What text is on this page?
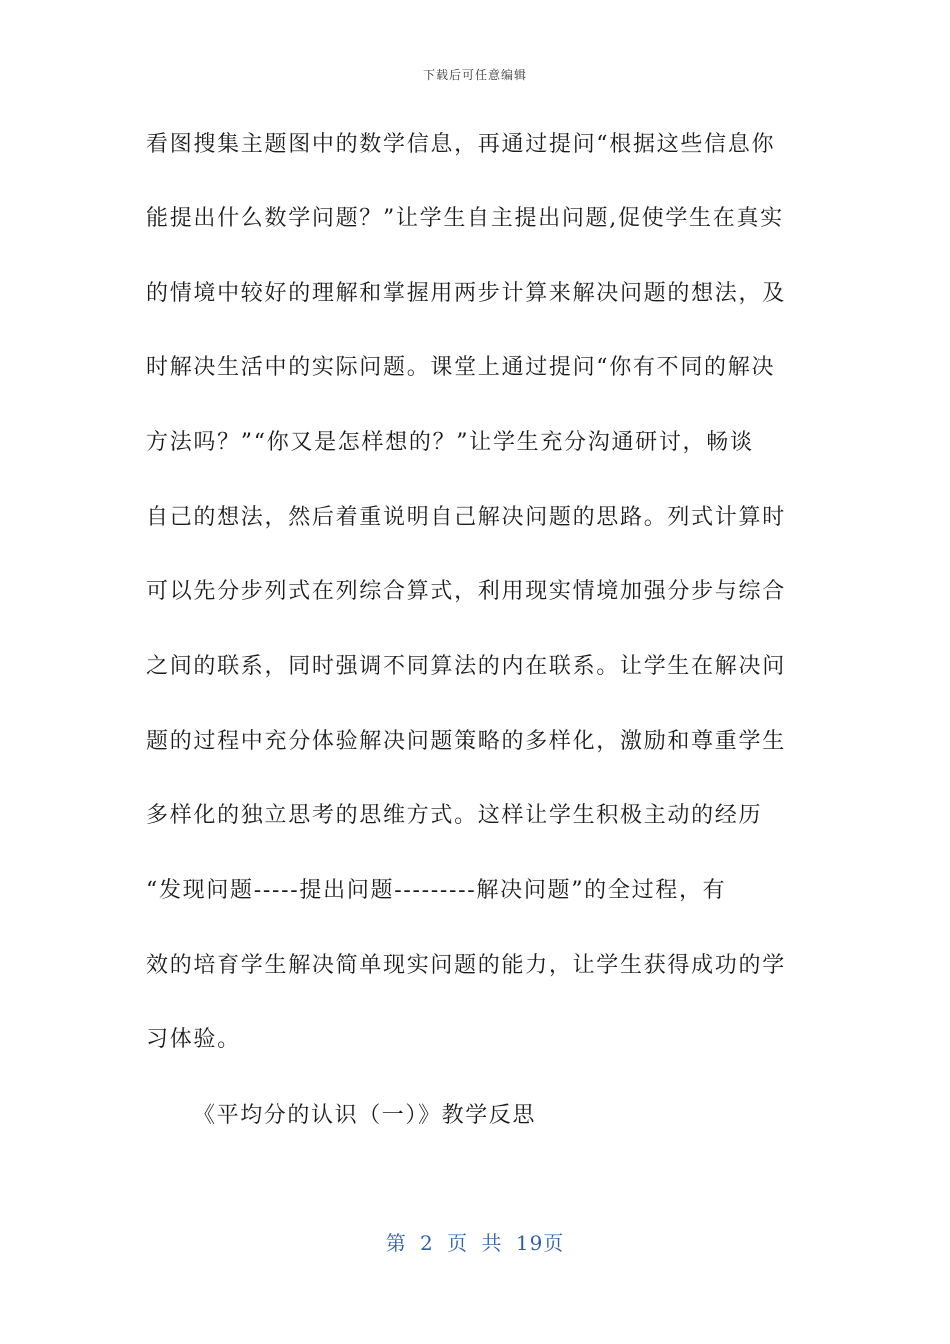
下载后可任意编辑
看图搜集主题图中的数学信息，再通过提问“根据这些信息你
能提出什么数学问题？”让学生自主提出问题,促使学生在真实
的情境中较好的理解和掌握用两步计算来解决问题的想法，及
时解决生活中的实际问题。课堂上通过提问“你有不同的解决
方法吗？”“你又是怎样想的？”让学生充分沟通研讨，畅谈
自己的想法，然后着重说明自己解决问题的思路。列式计算时
可以先分步列式在列综合算式，利用现实情境加强分步与综合
之间的联系，同时强调不同算法的内在联系。让学生在解决问
题的过程中充分体验解决问题策略的多样化，激励和尊重学生
多样化的独立思考的思维方式。这样让学生积极主动的经历
“发现问题-----提出问题---------解决问题”的全过程，有
效的培育学生解决简单现实问题的能力，让学生获得成功的学
习体验。
《平均分的认识（一）》教学反思
第 2 页 共 19页
